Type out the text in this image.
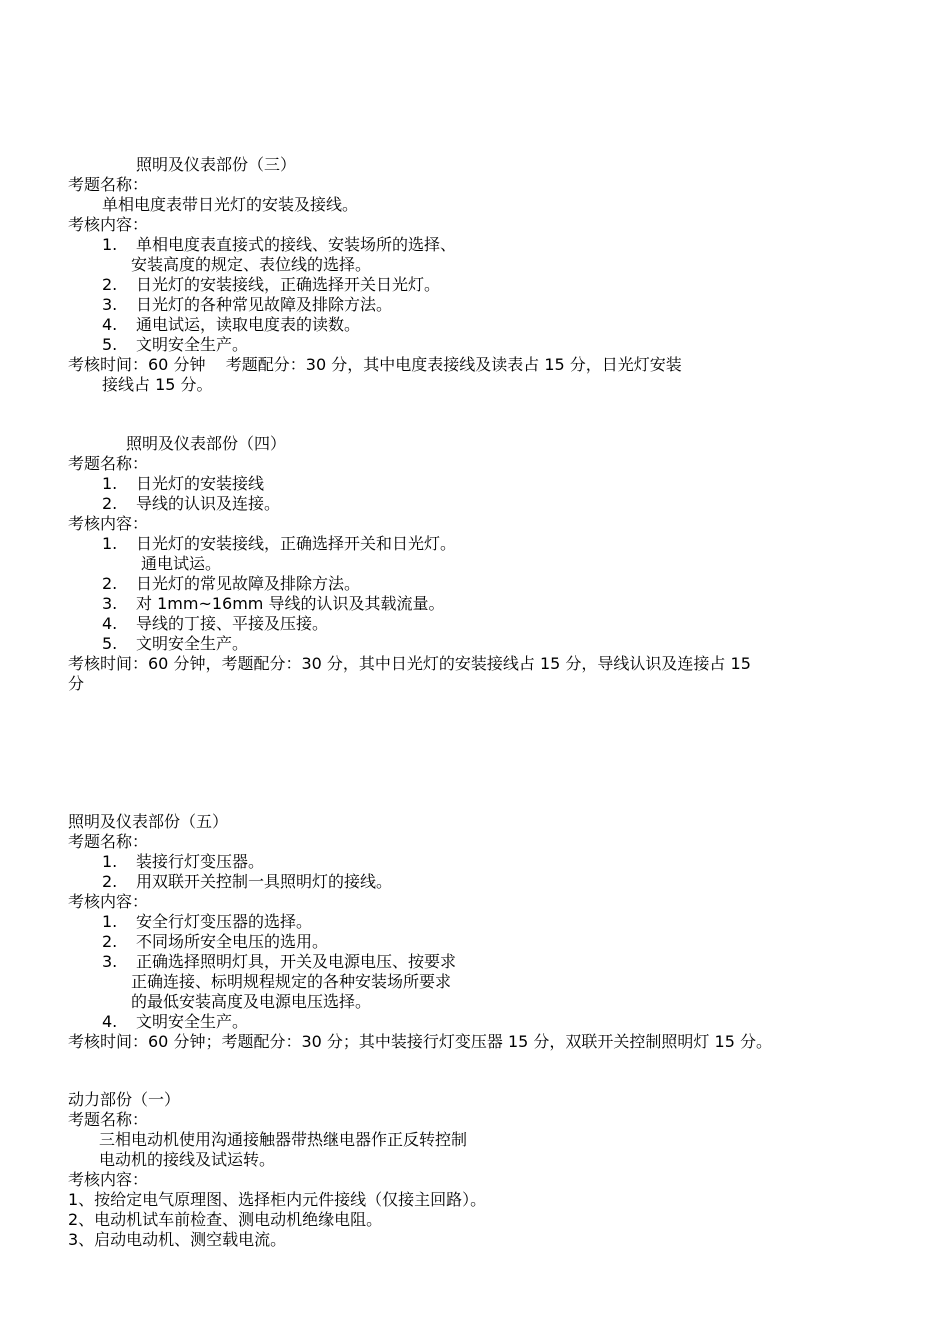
照明及仪表部份（三）
考题名称：
单相电度表带日光灯的安装及接线。
考核内容：
1. 单相电度表直接式的接线、安装场所的选择、
安装高度的规定、表位线的选择。
2. 日光灯的安装接线，正确选择开关日光灯。
3. 日光灯的各种常见故障及排除方法。
4. 通电试运，读取电度表的读数。
5. 文明安全生产。
考核时间：60 分钟    考题配分：30 分，其中电度表接线及读表占 15 分，日光灯安装
接线占 15 分。
照明及仪表部份（四）
考题名称：
1. 日光灯的安装接线
2. 导线的认识及连接。
考核内容：
1. 日光灯的安装接线，正确选择开关和日光灯。
通电试运。
2. 日光灯的常见故障及排除方法。
3. 对 1mm~16mm 导线的认识及其载流量。
4. 导线的丁接、平接及压接。
5. 文明安全生产。
考核时间：60 分钟，考题配分：30 分，其中日光灯的安装接线占 15 分，导线认识及连接占 15
分
照明及仪表部份（五）
考题名称：
1. 装接行灯变压器。
2. 用双联开关控制一具照明灯的接线。
考核内容：
1. 安全行灯变压器的选择。
2. 不同场所安全电压的选用。
3. 正确选择照明灯具，开关及电源电压、按要求
正确连接、标明规程规定的各种安装场所要求
的最低安装高度及电源电压选择。
4. 文明安全生产。
考核时间：60 分钟；考题配分：30 分；其中装接行灯变压器 15 分，双联开关控制照明灯 15 分。
动力部份（一）
考题名称：
三相电动机使用沟通接触器带热继电器作正反转控制
电动机的接线及试运转。
考核内容：
1、按给定电气原理图、选择柜内元件接线（仅接主回路）。
2、电动机试车前检查、测电动机绝缘电阻。
3、启动电动机、测空载电流。
